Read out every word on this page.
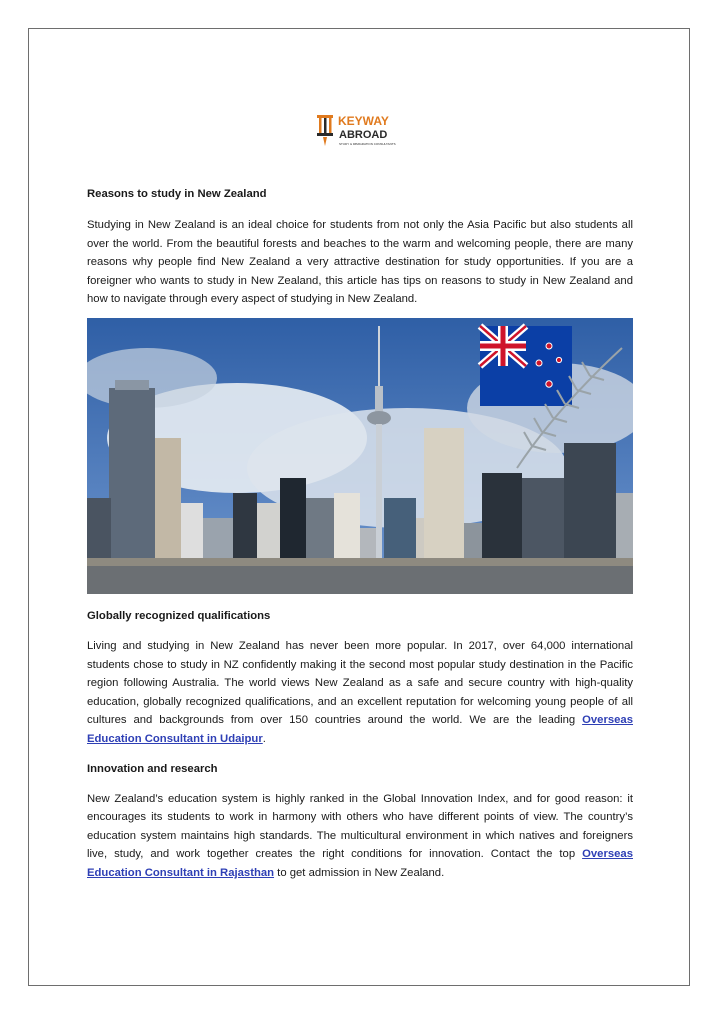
KEYWAY
ABROAD
STUDY & IMMIGRATION CONSULTANTS
Reasons to study in New Zealand

Studying in New Zealand is an ideal choice for students from not only the Asia Pacific but also students all over the world. From the beautiful forests and beaches to the warm and welcoming people, there are many reasons why people find New Zealand a very attractive destination for study opportunities. If you are a foreigner who wants to study in New Zealand, this article has tips on reasons to study in New Zealand and how to navigate through every aspect of studying in New Zealand.

Globally recognized qualifications

Living and studying in New Zealand has never been more popular. In 2017, over 64,000 international students chose to study in NZ confidently making it the second most popular study destination in the Pacific region following Australia. The world views New Zealand as a safe and secure country with high-quality education, globally recognized qualifications, and an excellent reputation for welcoming young people of all cultures and backgrounds from over 150 countries around the world. We are the leading Overseas Education Consultant in Udaipur.

Innovation and research

New Zealand’s education system is highly ranked in the Global Innovation Index, and for good reason: it encourages its students to work in harmony with others who have different points of view. The country’s education system maintains high standards. The multicultural environment in which natives and foreigners live, study, and work together creates the right conditions for innovation. Contact the top Overseas Education Consultant in Rajasthan to get admission in New Zealand.
